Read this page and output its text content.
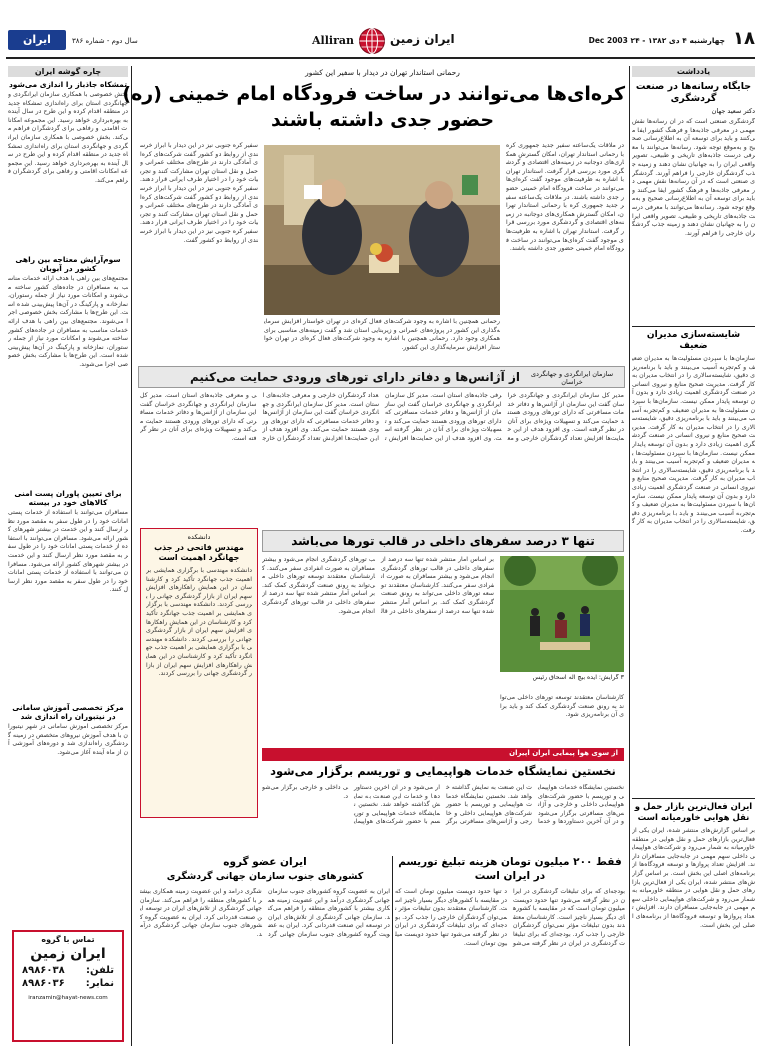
۱۸
چهارشنبه ۴ دی ۱۳۸۲ - ۲۴ Dec 2003
ایران زمین
Alliran
سال دوم - شماره ۳۸۶
ایران
یادداشت
جایگاه رسانه‌ها در صنعت گردشگری
دکتر سعید جهان
گردشگری صنعتی است که در آن رسانه‌ها نقش مهمی در معرفی جاذبه‌ها و فرهنگ کشور ایفا می‌کنند و باید برای توسعه آن به اطلاع‌رسانی صحیح و به‌موقع توجه شود. رسانه‌ها می‌توانند با معرفی درست جاذبه‌های تاریخی و طبیعی، تصویر واقعی ایران را به جهانیان نشان دهند و زمینه جذب گردشگران خارجی را فراهم آورند. گردشگری صنعتی است که در آن رسانه‌ها نقش مهمی در معرفی جاذبه‌ها و فرهنگ کشور ایفا می‌کنند و باید برای توسعه آن به اطلاع‌رسانی صحیح و به‌موقع توجه شود. رسانه‌ها می‌توانند با معرفی درست جاذبه‌های تاریخی و طبیعی، تصویر واقعی ایران را به جهانیان نشان دهند و زمینه جذب گردشگران خارجی را فراهم آورند.
شایسته‌سازی مدیران ضعیف
سازمان‌ها با سپردن مسئولیت‌ها به مدیران ضعیف و کم‌تجربه آسیب می‌بینند و باید با برنامه‌ریزی دقیق، شایسته‌سالاری را در انتخاب مدیران به کار گرفت. مدیریت صحیح منابع و نیروی انسانی در صنعت گردشگری اهمیت زیادی دارد و بدون آن توسعه پایدار ممکن نیست. سازمان‌ها با سپردن مسئولیت‌ها به مدیران ضعیف و کم‌تجربه آسیب می‌بینند و باید با برنامه‌ریزی دقیق، شایسته‌سالاری را در انتخاب مدیران به کار گرفت. مدیریت صحیح منابع و نیروی انسانی در صنعت گردشگری اهمیت زیادی دارد و بدون آن توسعه پایدار ممکن نیست. سازمان‌ها با سپردن مسئولیت‌ها به مدیران ضعیف و کم‌تجربه آسیب می‌بینند و باید با برنامه‌ریزی دقیق، شایسته‌سالاری را در انتخاب مدیران به کار گرفت. مدیریت صحیح منابع و نیروی انسانی در صنعت گردشگری اهمیت زیادی دارد و بدون آن توسعه پایدار ممکن نیست. سازمان‌ها با سپردن مسئولیت‌ها به مدیران ضعیف و کم‌تجربه آسیب می‌بینند و باید با برنامه‌ریزی دقیق، شایسته‌سالاری را در انتخاب مدیران به کار گرفت.
ایران فعال‌ترین بازار حمل و نقل هوایی خاورمیانه است
بر اساس گزارش‌های منتشر شده، ایران یکی از فعال‌ترین بازارهای حمل و نقل هوایی در منطقه خاورمیانه به شمار می‌رود و شرکت‌های هواپیمایی داخلی سهم مهمی در جابه‌جایی مسافران دارند. افزایش تعداد پروازها و توسعه فرودگاه‌ها از برنامه‌های اصلی این بخش است. بر اساس گزارش‌های منتشر شده، ایران یکی از فعال‌ترین بازارهای حمل و نقل هوایی در منطقه خاورمیانه به شمار می‌رود و شرکت‌های هواپیمایی داخلی سهم مهمی در جابه‌جایی مسافران دارند. افزایش تعداد پروازها و توسعه فرودگاه‌ها از برنامه‌های اصلی این بخش است.
چاره گوشه ایران
تمشکاه جاذباز را اندازی می‌شود
بخش خصوصی با همکاری سازمان ایرانگردی و جهانگردی استان برای راه‌اندازی تمشکاه جدید در منطقه اقدام کرده و این طرح در سال آینده به بهره‌برداری خواهد رسید. این مجموعه امکانات اقامتی و رفاهی برای گردشگران فراهم می‌کند. بخش خصوصی با همکاری سازمان ایرانگردی و جهانگردی استان برای راه‌اندازی تمشکاه جدید در منطقه اقدام کرده و این طرح در سال آینده به بهره‌برداری خواهد رسید. این مجموعه امکانات اقامتی و رفاهی برای گردشگران فراهم می‌کند.
سوم‌آرایش معتاجه بین راهی کشور در آبوبان
مجتمع‌های بین راهی با هدف ارائه خدمات مناسب به مسافران در جاده‌های کشور ساخته می‌شوند و امکانات مورد نیاز از جمله رستوران، نمازخانه و پارکینگ در آن‌ها پیش‌بینی شده است. این طرح‌ها با مشارکت بخش خصوصی اجرا می‌شوند. مجتمع‌های بین راهی با هدف ارائه خدمات مناسب به مسافران در جاده‌های کشور ساخته می‌شوند و امکانات مورد نیاز از جمله رستوران، نمازخانه و پارکینگ در آن‌ها پیش‌بینی شده است. این طرح‌ها با مشارکت بخش خصوصی اجرا می‌شوند.
برای تعیین پاوران پست امنی کالاهای خود در بیسته
مسافران می‌توانند با استفاده از خدمات پستی امانات خود را در طول سفر به مقصد مورد نظر ارسال کنند و این خدمت در بیشتر شهرهای کشور ارائه می‌شود. مسافران می‌توانند با استفاده از خدمات پستی امانات خود را در طول سفر به مقصد مورد نظر ارسال کنند و این خدمت در بیشتر شهرهای کشور ارائه می‌شود. مسافران می‌توانند با استفاده از خدمات پستی امانات خود را در طول سفر به مقصد مورد نظر ارسال کنند.
مرکز تخصصی آموزش سامانی در نیتبوران راه اندازی شد
مرکز تخصصی آموزش سامانی در شهر نیتبوران با هدف آموزش نیروهای متخصص در زمینه گردشگری راه‌اندازی شد و دوره‌های آموزشی آن از ماه آینده آغاز می‌شود.
تماس با گروه
ایران زمین
تلفن:
۸۹۸۶۰۳۸
نمابر:
۸۹۸۶۰۳۶
iranzamin@hayat-news.com
رحمانی استاندار تهران در دیدار با سفیر این کشور
کره‌ای‌ها می‌توانند در ساخت فرودگاه امام خمینی (ره)
حضور جدی داشته باشند
در ملاقات یک‌ساعته سفیر جدید جمهوری کره با رحمانی استاندار تهران، امکان گسترش همکاری‌های دوجانبه در زمینه‌های اقتصادی و گردشگری مورد بررسی قرار گرفت. استاندار تهران با اشاره به ظرفیت‌های موجود گفت کره‌ای‌ها می‌توانند در ساخت فرودگاه امام خمینی حضور جدی داشته باشند. در ملاقات یک‌ساعته سفیر جدید جمهوری کره با رحمانی استاندار تهران، امکان گسترش همکاری‌های دوجانبه در زمینه‌های اقتصادی و گردشگری مورد بررسی قرار گرفت. استاندار تهران با اشاره به ظرفیت‌های موجود گفت کره‌ای‌ها می‌توانند در ساخت فرودگاه امام خمینی حضور جدی داشته باشند.
رحمانی همچنین با اشاره به وجود شرکت‌های فعال کره‌ای در تهران خواستار افزایش سرمایه‌گذاری این کشور در پروژه‌های عمرانی و زیربنایی استان شد و گفت زمینه‌های مناسبی برای همکاری وجود دارد. رحمانی همچنین با اشاره به وجود شرکت‌های فعال کره‌ای در تهران خواستار افزایش سرمایه‌گذاری این کشور.
سفیر کره جنوبی نیز در این دیدار با ابراز خرسندی از روابط دو کشور گفت شرکت‌های کره‌ای آمادگی دارند در طرح‌های مختلف عمرانی و حمل و نقل استان تهران مشارکت کنند و تجربیات خود را در اختیار طرف ایرانی قرار دهند. سفیر کره جنوبی نیز در این دیدار با ابراز خرسندی از روابط دو کشور گفت شرکت‌های کره‌ای آمادگی دارند در طرح‌های مختلف عمرانی و حمل و نقل استان تهران مشارکت کنند و تجربیات خود را در اختیار طرف ایرانی قرار دهند. سفیر کره جنوبی نیز در این دیدار با ابراز خرسندی از روابط دو کشور گفت.
سازمان ایرانگردی و جهانگردی خراسان
از آژانس‌ها و دفاتر دارای تورهای ورودی حمایت می‌کنیم
مدیر کل سازمان ایرانگردی و جهانگردی خراسان گفت این سازمان از آژانس‌ها و دفاتر خدمات مسافرتی که دارای تورهای ورودی هستند حمایت می‌کند و تسهیلات ویژه‌ای برای آنان در نظر گرفته است. وی افزود هدف از این حمایت‌ها افزایش تعداد گردشگران خارجی و معرفی جاذبه‌های استان است. مدیر کل سازمان ایرانگردی و جهانگردی خراسان گفت این سازمان از آژانس‌ها و دفاتر خدمات مسافرتی که دارای تورهای ورودی هستند حمایت می‌کند و تسهیلات ویژه‌ای برای آنان در نظر گرفته است. وی افزود هدف از این حمایت‌ها افزایش تعداد گردشگران خارجی و معرفی جاذبه‌های استان است. مدیر کل سازمان ایرانگردی و جهانگردی خراسان گفت این سازمان از آژانس‌ها و دفاتر خدمات مسافرتی که دارای تورهای ورودی هستند حمایت می‌کند. وی افزود هدف از این حمایت‌ها افزایش تعداد گردشگران خارجی و معرفی جاذبه‌های استان است. مدیر کل سازمان ایرانگردی و جهانگردی خراسان گفت این سازمان از آژانس‌ها و دفاتر خدمات مسافرتی که دارای تورهای ورودی هستند حمایت می‌کند و تسهیلات ویژه‌ای برای آنان در نظر گرفته است.
دانشکده
مهندس فاتحی در جذب جهانگرد اهمیت است
دانشکده مهندسی با برگزاری همایشی بر اهمیت جذب جهانگرد تأکید کرد و کارشناسان در این همایش راهکارهای افزایش سهم ایران از بازار گردشگری جهانی را بررسی کردند. دانشکده مهندسی با برگزاری همایشی بر اهمیت جذب جهانگرد تأکید کرد و کارشناسان در این همایش راهکارهای افزایش سهم ایران از بازار گردشگری جهانی را بررسی کردند. دانشکده مهندسی با برگزاری همایشی بر اهمیت جذب جهانگرد تأکید کرد و کارشناسان در این همایش راهکارهای افزایش سهم ایران از بازار گردشگری جهانی را بررسی کردند.
تنها ۳ درصد سفرهای داخلی در قالب تورها می‌باشد
بر اساس آمار منتشر شده تنها سه درصد از سفرهای داخلی در قالب تورهای گردشگری انجام می‌شود و بیشتر مسافران به صورت انفرادی سفر می‌کنند. کارشناسان معتقدند توسعه تورهای داخلی می‌تواند به رونق صنعت گردشگری کمک کند. بر اساس آمار منتشر شده تنها سه درصد از سفرهای داخلی در قالب تورهای گردشگری انجام می‌شود و بیشتر مسافران به صورت انفرادی سفر می‌کنند. کارشناسان معتقدند توسعه تورهای داخلی می‌تواند به رونق صنعت گردشگری کمک کند. بر اساس آمار منتشر شده تنها سه درصد از سفرهای داخلی در قالب تورهای گردشگری انجام می‌شود.
۳ گرایش: ایده بیچ اله اسحاق رئیس
کارشناسان معتقدند توسعه تورهای داخلی می‌تواند به رونق صنعت گردشگری کمک کند و باید برای آن برنامه‌ریزی شود.
از سوی هوا پیمایی ایران اپیران
نخستین نمایشگاه خدمات هواپیمایی و توریسم برگزار می‌شود
نخستین نمایشگاه خدمات هواپیمایی و توریسم با حضور شرکت‌های هواپیمایی داخلی و خارجی و آژانس‌های مسافرتی برگزار می‌شود و در آن آخرین دستاوردها و خدمات این صنعت به نمایش گذاشته خواهد شد. نخستین نمایشگاه خدمات هواپیمایی و توریسم با حضور شرکت‌های هواپیمایی داخلی و خارجی و آژانس‌های مسافرتی برگزار می‌شود و در آن آخرین دستاوردها و خدمات این صنعت به نمایش گذاشته خواهد شد. نخستین نمایشگاه خدمات هواپیمایی و توریسم با حضور شرکت‌های هواپیمایی داخلی و خارجی برگزار می‌شود.
فقط ۲۰۰ میلیون تومان هزینه تبلیغ توریسم
در ایران است
بودجه‌ای که برای تبلیغات گردشگری در ایران در نظر گرفته می‌شود تنها حدود دویست میلیون تومان است که در مقایسه با کشورهای دیگر بسیار ناچیز است. کارشناسان معتقدند بدون تبلیغات مؤثر نمی‌توان گردشگران خارجی را جذب کرد. بودجه‌ای که برای تبلیغات گردشگری در ایران در نظر گرفته می‌شود تنها حدود دویست میلیون تومان است که در مقایسه با کشورهای دیگر بسیار ناچیز است. کارشناسان معتقدند بدون تبلیغات مؤثر نمی‌توان گردشگران خارجی را جذب کرد. بودجه‌ای که برای تبلیغات گردشگری در ایران در نظر گرفته می‌شود تنها حدود دویست میلیون تومان است.
ایران عضو گروه
کشورهای جنوب سازمان جهانی گردشگری
ایران به عضویت گروه کشورهای جنوب سازمان جهانی گردشگری درآمد و این عضویت زمینه همکاری بیشتر با کشورهای منطقه را فراهم می‌کند. سازمان جهانی گردشگری از تلاش‌های ایران در توسعه این صنعت قدردانی کرد. ایران به عضویت گروه کشورهای جنوب سازمان جهانی گردشگری درآمد و این عضویت زمینه همکاری بیشتر با کشورهای منطقه را فراهم می‌کند. سازمان جهانی گردشگری از تلاش‌های ایران در توسعه این صنعت قدردانی کرد. ایران به عضویت گروه کشورهای جنوب سازمان جهانی گردشگری درآمد.
